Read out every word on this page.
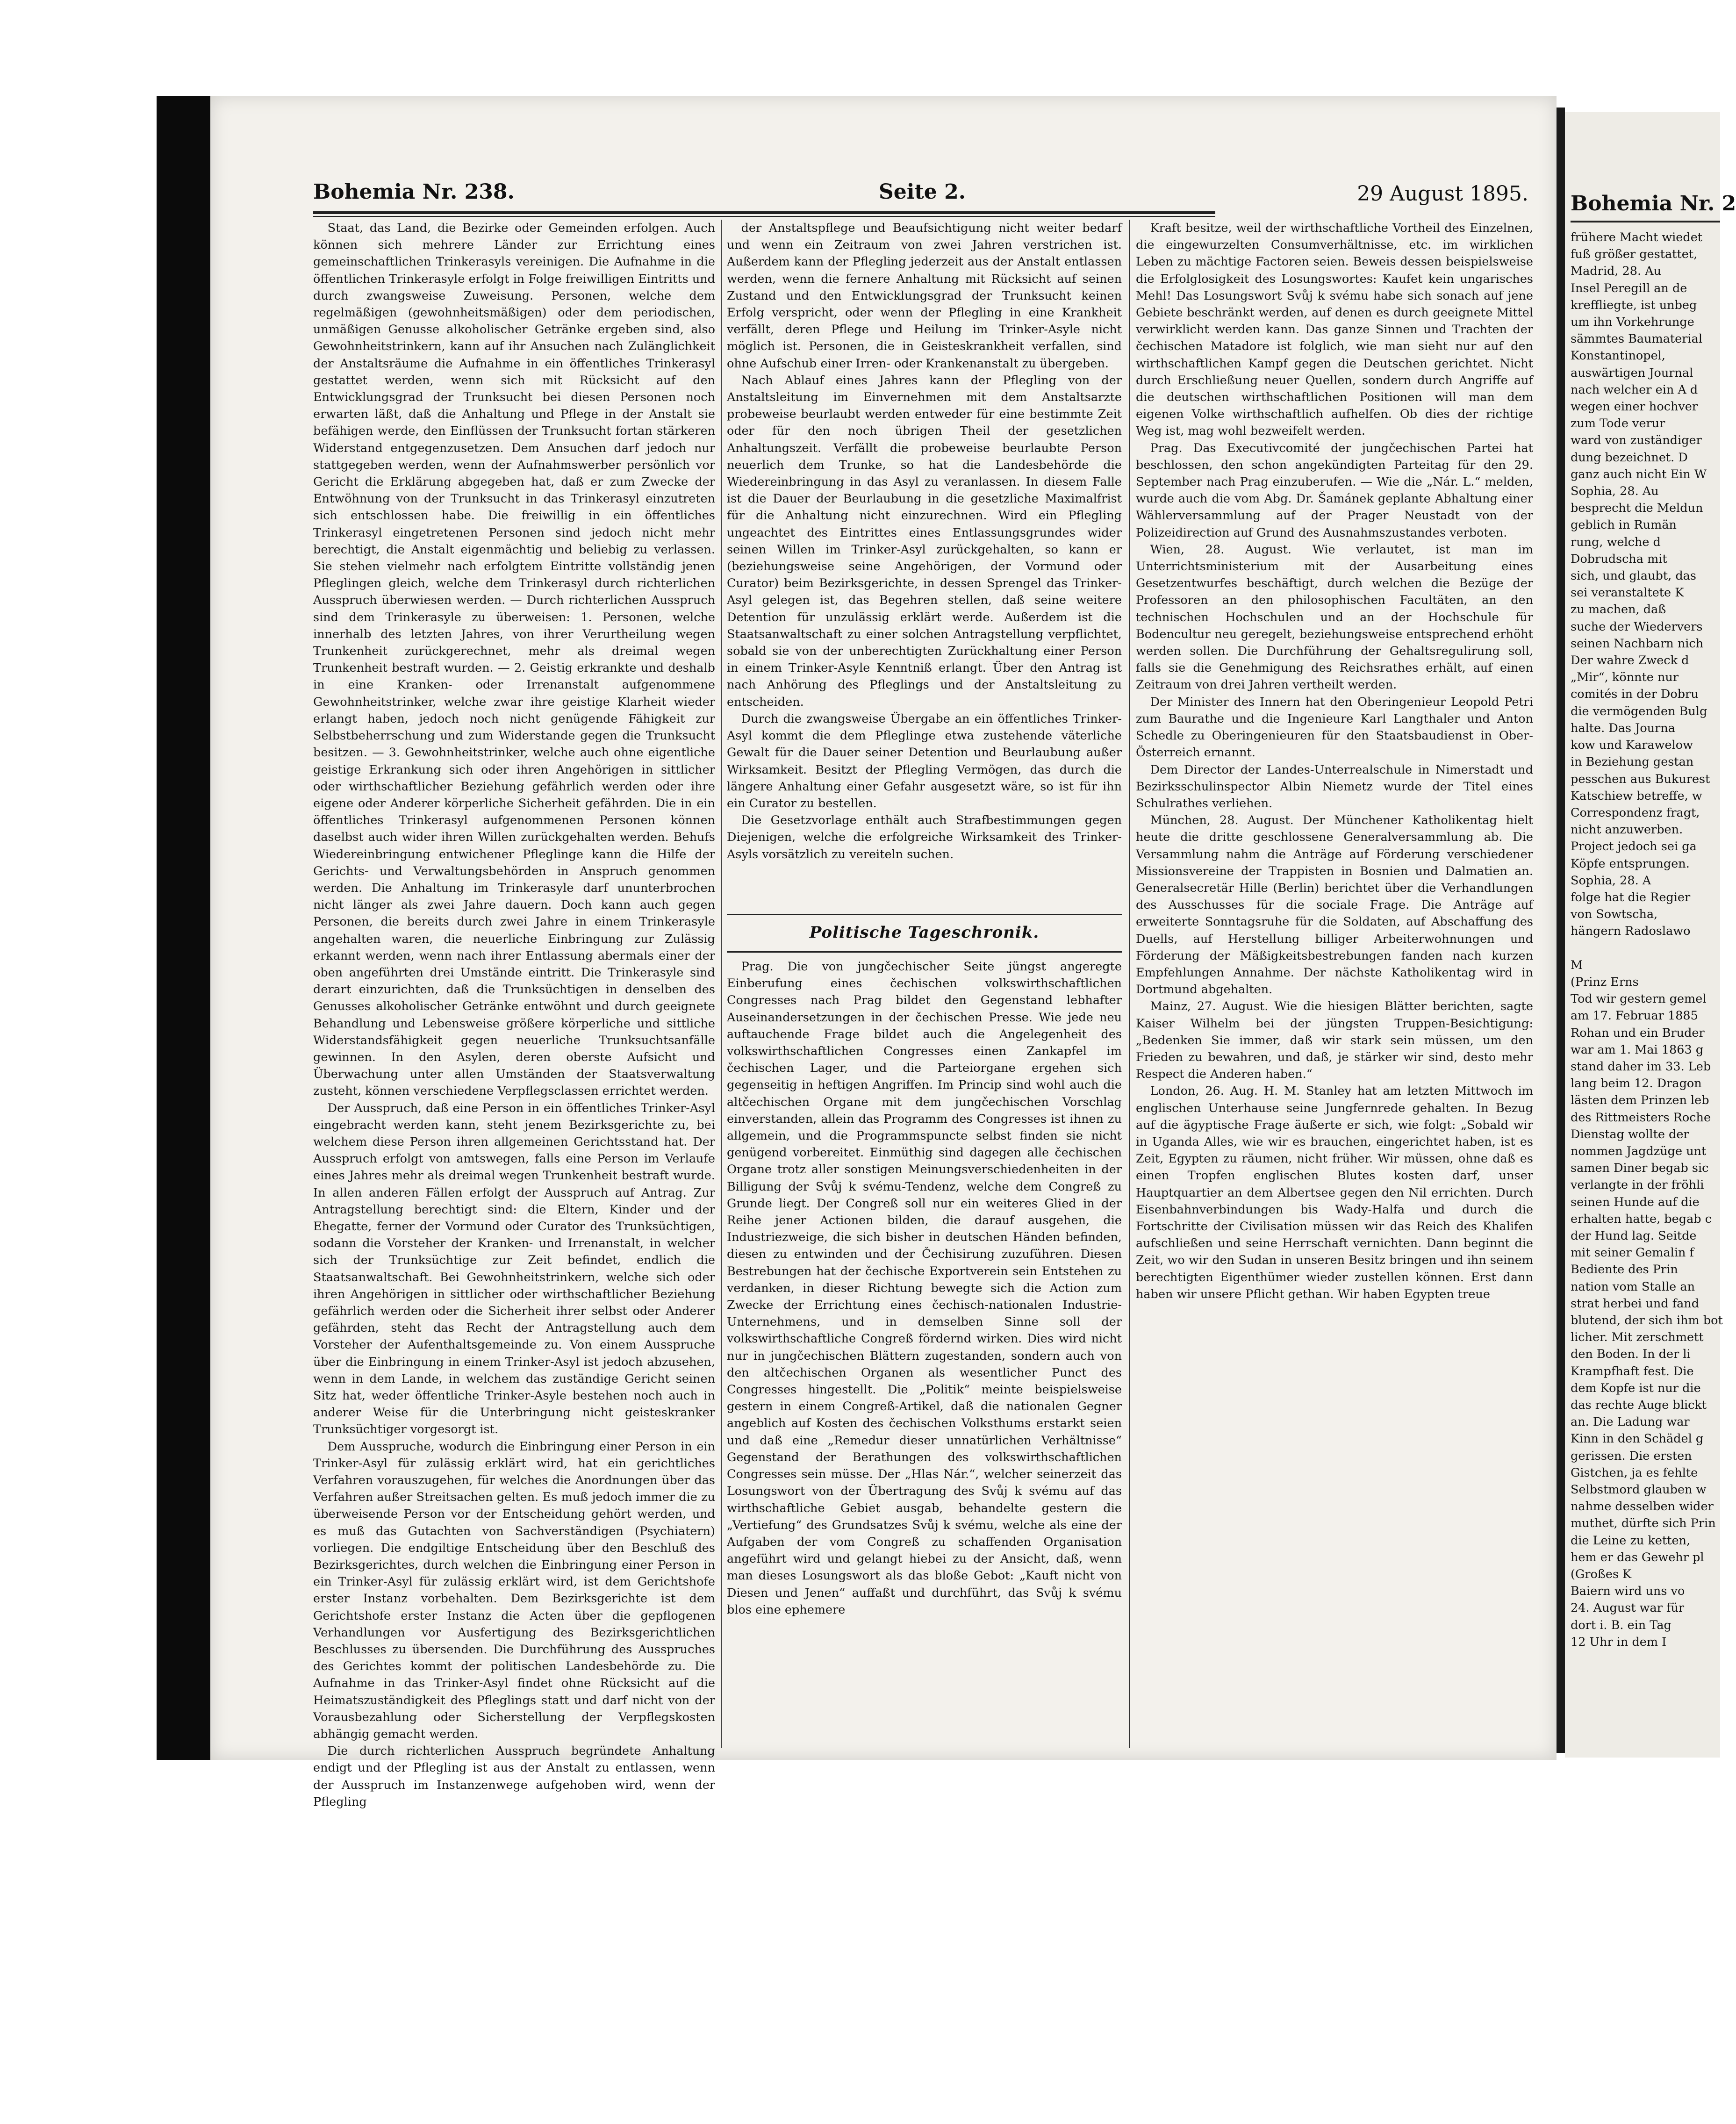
Bohemia Nr. 238.	Seite 2.	29 August 1895.

Staat, das Land, die Bezirke oder Gemeinden erfolgen. Auch können sich mehrere Länder zur Errichtung eines gemeinschaftlichen Trinkerasyls vereinigen. Die Aufnahme in die öffentlichen Trinkerasyle erfolgt in Folge freiwilligen Eintritts und durch zwangsweise Zuweisung. Personen, welche dem regelmäßigen (gewohnheitsmäßigen) oder dem periodischen, unmäßigen Genusse alkoholischer Getränke ergeben sind, also Gewohnheitstrinkern, kann auf ihr Ansuchen nach Zulänglichkeit der Anstaltsräume die Aufnahme in ein öffentliches Trinkerasyl gestattet werden, wenn sich mit Rücksicht auf den Entwicklungsgrad der Trunksucht bei diesen Personen noch erwarten läßt, daß die Anhaltung und Pflege in der Anstalt sie befähigen werde, den Einflüssen der Trunksucht fortan stärkeren Widerstand entgegenzusetzen. Dem Ansuchen darf jedoch nur stattgegeben werden, wenn der Aufnahmswerber persönlich vor Gericht die Erklärung abgegeben hat, daß er zum Zwecke der Entwöhnung von der Trunksucht in das Trinkerasyl einzutreten sich entschlossen habe. Die freiwillig in ein öffentliches Trinkerasyl eingetretenen Personen sind jedoch nicht mehr berechtigt, die Anstalt eigenmächtig und beliebig zu verlassen. Sie stehen vielmehr nach erfolgtem Eintritte vollständig jenen Pfleglingen gleich, welche dem Trinkerasyl durch richterlichen Ausspruch überwiesen werden. — Durch richterlichen Ausspruch sind dem Trinkerasyle zu überweisen: 1. Personen, welche innerhalb des letzten Jahres, von ihrer Verurtheilung wegen Trunkenheit zurückgerechnet, mehr als dreimal wegen Trunkenheit bestraft wurden. — 2. Geistig erkrankte und deshalb in eine Kranken- oder Irrenanstalt aufgenommene Gewohnheitstrinker, welche zwar ihre geistige Klarheit wieder erlangt haben, jedoch noch nicht genügende Fähigkeit zur Selbstbeherrschung und zum Widerstande gegen die Trunksucht besitzen. — 3. Gewohnheitstrinker, welche auch ohne eigentliche geistige Erkrankung sich oder ihren Angehörigen in sittlicher oder wirthschaftlicher Beziehung gefährlich werden oder ihre eigene oder Anderer körperliche Sicherheit gefährden. Die in ein öffentliches Trinkerasyl aufgenommenen Personen können daselbst auch wider ihren Willen zurückgehalten werden. Behufs Wiedereinbringung entwichener Pfleglinge kann die Hilfe der Gerichts- und Verwaltungsbehörden in Anspruch genommen werden. Die Anhaltung im Trinkerasyle darf ununterbrochen nicht länger als zwei Jahre dauern. Doch kann auch gegen Personen, die bereits durch zwei Jahre in einem Trinkerasyle angehalten waren, die neuerliche Einbringung zur Zulässig erkannt werden, wenn nach ihrer Entlassung abermals einer der oben angeführten drei Umstände eintritt. Die Trinkerasyle sind derart einzurichten, daß die Trunksüchtigen in denselben des Genusses alkoholischer Getränke entwöhnt und durch geeignete Behandlung und Lebensweise größere körperliche und sittliche Widerstandsfähigkeit gegen neuerliche Trunksuchtsanfälle gewinnen. In den Asylen, deren oberste Aufsicht und Überwachung unter allen Umständen der Staatsverwaltung zusteht, können verschiedene Verpflegsclassen errichtet werden.

Der Ausspruch, daß eine Person in ein öffentliches Trinker-Asyl eingebracht werden kann, steht jenem Bezirksgerichte zu, bei welchem diese Person ihren allgemeinen Gerichtsstand hat. Der Ausspruch erfolgt von amtswegen, falls eine Person im Verlaufe eines Jahres mehr als dreimal wegen Trunkenheit bestraft wurde. In allen anderen Fällen erfolgt der Ausspruch auf Antrag. Zur Antragstellung berechtigt sind: die Eltern, Kinder und der Ehegatte, ferner der Vormund oder Curator des Trunksüchtigen, sodann die Vorsteher der Kranken- und Irrenanstalt, in welcher sich der Trunksüchtige zur Zeit befindet, endlich die Staatsanwaltschaft. Bei Gewohnheitstrinkern, welche sich oder ihren Angehörigen in sittlicher oder wirthschaftlicher Beziehung gefährlich werden oder die Sicherheit ihrer selbst oder Anderer gefährden, steht das Recht der Antragstellung auch dem Vorsteher der Aufenthaltsgemeinde zu. Von einem Ausspruche über die Einbringung in einem Trinker-Asyl ist jedoch abzusehen, wenn in dem Lande, in welchem das zuständige Gericht seinen Sitz hat, weder öffentliche Trinker-Asyle bestehen noch auch in anderer Weise für die Unterbringung nicht geisteskranker Trunksüchtiger vorgesorgt ist.

Dem Ausspruche, wodurch die Einbringung einer Person in ein Trinker-Asyl für zulässig erklärt wird, hat ein gerichtliches Verfahren vorauszugehen, für welches die Anordnungen über das Verfahren außer Streitsachen gelten. Es muß jedoch immer die zu überweisende Person vor der Entscheidung gehört werden, und es muß das Gutachten von Sachverständigen (Psychiatern) vorliegen. Die endgiltige Entscheidung über den Beschluß des Bezirksgerichtes, durch welchen die Einbringung einer Person in ein Trinker-Asyl für zulässig erklärt wird, ist dem Gerichtshofe erster Instanz vorbehalten. Dem Bezirksgerichte ist dem Gerichtshofe erster Instanz die Acten über die gepflogenen Verhandlungen vor Ausfertigung des Bezirksgerichtlichen Beschlusses zu übersenden. Die Durchführung des Ausspruches des Gerichtes kommt der politischen Landesbehörde zu. Die Aufnahme in das Trinker-Asyl findet ohne Rücksicht auf die Heimatszuständigkeit des Pfleglings statt und darf nicht von der Vorausbezahlung oder Sicherstellung der Verpflegskosten abhängig gemacht werden.

Die durch richterlichen Ausspruch begründete Anhaltung endigt und der Pflegling ist aus der Anstalt zu entlassen, wenn der Ausspruch im Instanzenwege aufgehoben wird, wenn der Pflegling

der Anstaltspflege und Beaufsichtigung nicht weiter bedarf und wenn ein Zeitraum von zwei Jahren verstrichen ist. Außerdem kann der Pflegling jederzeit aus der Anstalt entlassen werden, wenn die fernere Anhaltung mit Rücksicht auf seinen Zustand und den Entwicklungsgrad der Trunksucht keinen Erfolg verspricht, oder wenn der Pflegling in eine Krankheit verfällt, deren Pflege und Heilung im Trinker-Asyle nicht möglich ist. Personen, die in Geisteskrankheit verfallen, sind ohne Aufschub einer Irren- oder Krankenanstalt zu übergeben.

Nach Ablauf eines Jahres kann der Pflegling von der Anstaltsleitung im Einvernehmen mit dem Anstaltsarzte probeweise beurlaubt werden entweder für eine bestimmte Zeit oder für den noch übrigen Theil der gesetzlichen Anhaltungszeit. Verfällt die probeweise beurlaubte Person neuerlich dem Trunke, so hat die Landesbehörde die Wiedereinbringung in das Asyl zu veranlassen. In diesem Falle ist die Dauer der Beurlaubung in die gesetzliche Maximalfrist für die Anhaltung nicht einzurechnen. Wird ein Pflegling ungeachtet des Eintrittes eines Entlassungsgrundes wider seinen Willen im Trinker-Asyl zurückgehalten, so kann er (beziehungsweise seine Angehörigen, der Vormund oder Curator) beim Bezirksgerichte, in dessen Sprengel das Trinker-Asyl gelegen ist, das Begehren stellen, daß seine weitere Detention für unzulässig erklärt werde. Außerdem ist die Staatsanwaltschaft zu einer solchen Antragstellung verpflichtet, sobald sie von der unberechtigten Zurückhaltung einer Person in einem Trinker-Asyle Kenntniß erlangt. Über den Antrag ist nach Anhörung des Pfleglings und der Anstaltsleitung zu entscheiden.

Durch die zwangsweise Übergabe an ein öffentliches Trinker-Asyl kommt die dem Pfleglinge etwa zustehende väterliche Gewalt für die Dauer seiner Detention und Beurlaubung außer Wirksamkeit. Besitzt der Pflegling Vermögen, das durch die längere Anhaltung einer Gefahr ausgesetzt wäre, so ist für ihn ein Curator zu bestellen.

Die Gesetzvorlage enthält auch Strafbestimmungen gegen Diejenigen, welche die erfolgreiche Wirksamkeit des Trinker-Asyls vorsätzlich zu vereiteln suchen.

Politische Tageschronik.

Prag. Die von jungčechischer Seite jüngst angeregte Einberufung eines čechischen volkswirthschaftlichen Congresses nach Prag bildet den Gegenstand lebhafter Auseinandersetzungen in der čechischen Presse. Wie jede neu auftauchende Frage bildet auch die Angelegenheit des volkswirthschaftlichen Congresses einen Zankapfel im čechischen Lager, und die Parteiorgane ergehen sich gegenseitig in heftigen Angriffen. Im Princip sind wohl auch die altčechischen Organe mit dem jungčechischen Vorschlag einverstanden, allein das Programm des Congresses ist ihnen zu allgemein, und die Programmspuncte selbst finden sie nicht genügend vorbereitet. Einmüthig sind dagegen alle čechischen Organe trotz aller sonstigen Meinungsverschiedenheiten in der Billigung der Svůj k svému-Tendenz, welche dem Congreß zu Grunde liegt. Der Congreß soll nur ein weiteres Glied in der Reihe jener Actionen bilden, die darauf ausgehen, die Industriezweige, die sich bisher in deutschen Händen befinden, diesen zu entwinden und der Čechisirung zuzuführen. Diesen Bestrebungen hat der čechische Exportverein sein Entstehen zu verdanken, in dieser Richtung bewegte sich die Action zum Zwecke der Errichtung eines čechisch-nationalen Industrie-Unternehmens, und in demselben Sinne soll der volkswirthschaftliche Congreß fördernd wirken. Dies wird nicht nur in jungčechischen Blättern zugestanden, sondern auch von den altčechischen Organen als wesentlicher Punct des Congresses hingestellt. Die „Politik“ meinte beispielsweise gestern in einem Congreß-Artikel, daß die nationalen Gegner angeblich auf Kosten des čechischen Volksthums erstarkt seien und daß eine „Remedur dieser unnatürlichen Verhältnisse“ Gegenstand der Berathungen des volkswirthschaftlichen Congresses sein müsse. Der „Hlas Nár.“, welcher seinerzeit das Losungswort von der Übertragung des Svůj k svému auf das wirthschaftliche Gebiet ausgab, behandelte gestern die „Vertiefung“ des Grundsatzes Svůj k svému, welche als eine der Aufgaben der vom Congreß zu schaffenden Organisation angeführt wird und gelangt hiebei zu der Ansicht, daß, wenn man dieses Losungswort als das bloße Gebot: „Kauft nicht von Diesen und Jenen“ auffaßt und durchführt, das Svůj k svému blos eine ephemere

Kraft besitze, weil der wirthschaftliche Vortheil des Einzelnen, die eingewurzelten Consumverhältnisse, etc. im wirklichen Leben zu mächtige Factoren seien. Beweis dessen beispielsweise die Erfolglosigkeit des Losungswortes: Kaufet kein ungarisches Mehl! Das Losungswort Svůj k svému habe sich sonach auf jene Gebiete beschränkt werden, auf denen es durch geeignete Mittel verwirklicht werden kann. Das ganze Sinnen und Trachten der čechischen Matadore ist folglich, wie man sieht nur auf den wirthschaftlichen Kampf gegen die Deutschen gerichtet. Nicht durch Erschließung neuer Quellen, sondern durch Angriffe auf die deutschen wirthschaftlichen Positionen will man dem eigenen Volke wirthschaftlich aufhelfen. Ob dies der richtige Weg ist, mag wohl bezweifelt werden.

Prag. Das Executivcomité der jungčechischen Partei hat beschlossen, den schon angekündigten Parteitag für den 29. September nach Prag einzuberufen. — Wie die „Nár. L.“ melden, wurde auch die vom Abg. Dr. Šamánek geplante Abhaltung einer Wählerversammlung auf der Prager Neustadt von der Polizeidirection auf Grund des Ausnahmszustandes verboten.

Wien, 28. August. Wie verlautet, ist man im Unterrichtsministerium mit der Ausarbeitung eines Gesetzentwurfes beschäftigt, durch welchen die Bezüge der Professoren an den philosophischen Facultäten, an den technischen Hochschulen und an der Hochschule für Bodencultur neu geregelt, beziehungsweise entsprechend erhöht werden sollen. Die Durchführung der Gehaltsregulirung soll, falls sie die Genehmigung des Reichsrathes erhält, auf einen Zeitraum von drei Jahren vertheilt werden.

Der Minister des Innern hat den Oberingenieur Leopold Petri zum Baurathe und die Ingenieure Karl Langthaler und Anton Schedle zu Oberingenieuren für den Staatsbaudienst in Ober-Österreich ernannt.

Dem Director der Landes-Unterrealschule in Nimerstadt und Bezirksschulinspector Albin Niemetz wurde der Titel eines Schulrathes verliehen.

München, 28. August. Der Münchener Katholikentag hielt heute die dritte geschlossene Generalversammlung ab. Die Versammlung nahm die Anträge auf Förderung verschiedener Missionsvereine der Trappisten in Bosnien und Dalmatien an. Generalsecretär Hille (Berlin) berichtet über die Verhandlungen des Ausschusses für die sociale Frage. Die Anträge auf erweiterte Sonntagsruhe für die Soldaten, auf Abschaffung des Duells, auf Herstellung billiger Arbeiterwohnungen und Förderung der Mäßigkeitsbestrebungen fanden nach kurzen Empfehlungen Annahme. Der nächste Katholikentag wird in Dortmund abgehalten.

Mainz, 27. August. Wie die hiesigen Blätter berichten, sagte Kaiser Wilhelm bei der jüngsten Truppen-Besichtigung: „Bedenken Sie immer, daß wir stark sein müssen, um den Frieden zu bewahren, und daß, je stärker wir sind, desto mehr Respect die Anderen haben.“

London, 26. Aug. H. M. Stanley hat am letzten Mittwoch im englischen Unterhause seine Jungfernrede gehalten. In Bezug auf die ägyptische Frage äußerte er sich, wie folgt: „Sobald wir in Uganda Alles, wie wir es brauchen, eingerichtet haben, ist es Zeit, Egypten zu räumen, nicht früher. Wir müssen, ohne daß es einen Tropfen englischen Blutes kosten darf, unser Hauptquartier an dem Albertsee gegen den Nil errichten. Durch Eisenbahnverbindungen bis Wady-Halfa und durch die Fortschritte der Civilisation müssen wir das Reich des Khalifen aufschließen und seine Herrschaft vernichten. Dann beginnt die Zeit, wo wir den Sudan in unseren Besitz bringen und ihn seinem berechtigten Eigenthümer wieder zustellen können. Erst dann haben wir unsere Pflicht gethan. Wir haben Egypten treue

Bohemia Nr. 2

frühere Macht wiedet

fuß größer gestattet,

Madrid, 28. Au

Insel Peregill an de

kreffliegte, ist unbeg

um ihn Vorkehrunge

sämmtes Baumaterial

Konstantinopel,

auswärtigen Journal

nach welcher ein A d

wegen einer hochver

zum Tode verur

ward von zuständiger

dung bezeichnet. D

ganz auch nicht Ein W

Sophia, 28. Au

besprecht die Meldun

geblich in Rumän

rung, welche d

Dobrudscha mit

sich, und glaubt, das

sei veranstaltete K

zu machen, daß

suche der Wiedervers

seinen Nachbarn nich

Der wahre Zweck d

„Mir“, könnte nur

comités in der Dobru

die vermögenden Bulg

halte. Das Journa

kow und Karawelow

in Beziehung gestan

pesschen aus Bukurest

Katschiew betreffe, w

Correspondenz fragt,

nicht anzuwerben.

Project jedoch sei ga

Köpfe entsprungen.

Sophia, 28. A

folge hat die Regier

von Sowtscha,

hängern Radoslawo

M

(Prinz Erns

Tod wir gestern gemel

am 17. Februar 1885

Rohan und ein Bruder

war am 1. Mai 1863 g

stand daher im 33. Leb

lang beim 12. Dragon

lästen dem Prinzen leb

des Rittmeisters Roche

Dienstag wollte der

nommen Jagdzüge unt

samen Diner begab sic

verlangte in der fröhli

seinen Hunde auf die

erhalten hatte, begab c

der Hund lag. Seitde

mit seiner Gemalin f

Bediente des Prin

nation vom Stalle an

strat herbei und fand

blutend, der sich ihm bot

licher. Mit zerschmett

den Boden. In der li

Krampfhaft fest. Die

dem Kopfe ist nur die

das rechte Auge blickt

an. Die Ladung war

Kinn in den Schädel g

gerissen. Die ersten

Gistchen, ja es fehlte

Selbstmord glauben w

nahme desselben wider

muthet, dürfte sich Prin

die Leine zu ketten,

hem er das Gewehr pl

(Großes K

Baiern wird uns vo

24. August war für

dort i. B. ein Tag

12 Uhr in dem I
